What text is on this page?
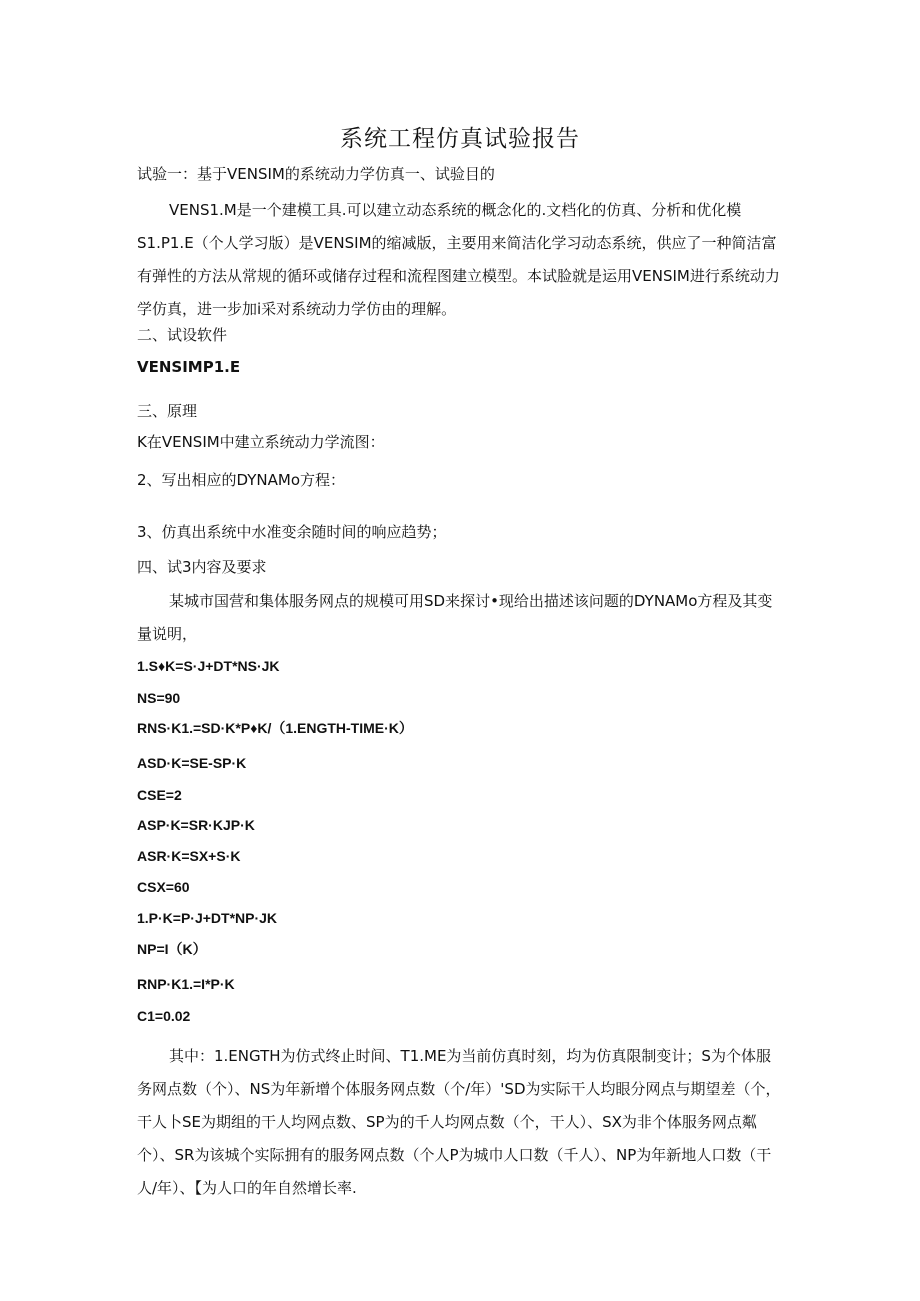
系统工程仿真试验报告
试验一：基于VENSIM的系统动力学仿真一、试验目的

VENS1.M是一个建模工具.可以建立动态系统的概念化的.文档化的仿真、分析和优化模S1.P1.E（个人学习版）是VENSIM的缩减版，主要用来简洁化学习动态系统，供应了一种简洁富有弹性的方法从常规的循环或储存过程和流程图建立模型。本试脸就是运用VENSIM进行系统动力学仿真，进一步加i采对系统动力学仿由的理解。

二、试设软件
VENSIMP1.E
三、原理
K在VENSIM中建立系统动力学流图：
2、写出相应的DYNAMo方程：
3、仿真出系统中水准变余随时间的响应趋势；
四、试3内容及要求

某城市国营和集体服务网点的规模可用SD来探讨•现给出描述该问题的DYNAMo方程及其变量说明，

1.S♦K=S·J+DT*NS·JK
NS=90
RNS·K1.=SD·K*P♦K/（1.ENGTH-TIME·K）
ASD·K=SE-SP·K
CSE=2
ASP·K=SR·KJP·K
ASR·K=SX+S·K
CSX=60
1.P·K=P·J+DT*NP·JK
NP=I（K）
RNP·K1.=I*P·K
C1=0.02

其中：1.ENGTH为仿式终止时间、T1.ME为当前仿真时刻，均为仿真限制变计；S为个体服务网点数（个）、NS为年新增个体服务网点数（个/年）'SD为实际干人均眼分网点与期望差（个，干人卜SE为期组的干人均网点数、SP为的千人均网点数（个，干人）、SX为非个体服务网点粼个）、SR为该城个实际拥有的服务网点数（个人P为城巾人口数（千人）、NP为年新地人口数（干人/年）、【为人口的年自然增长率.
